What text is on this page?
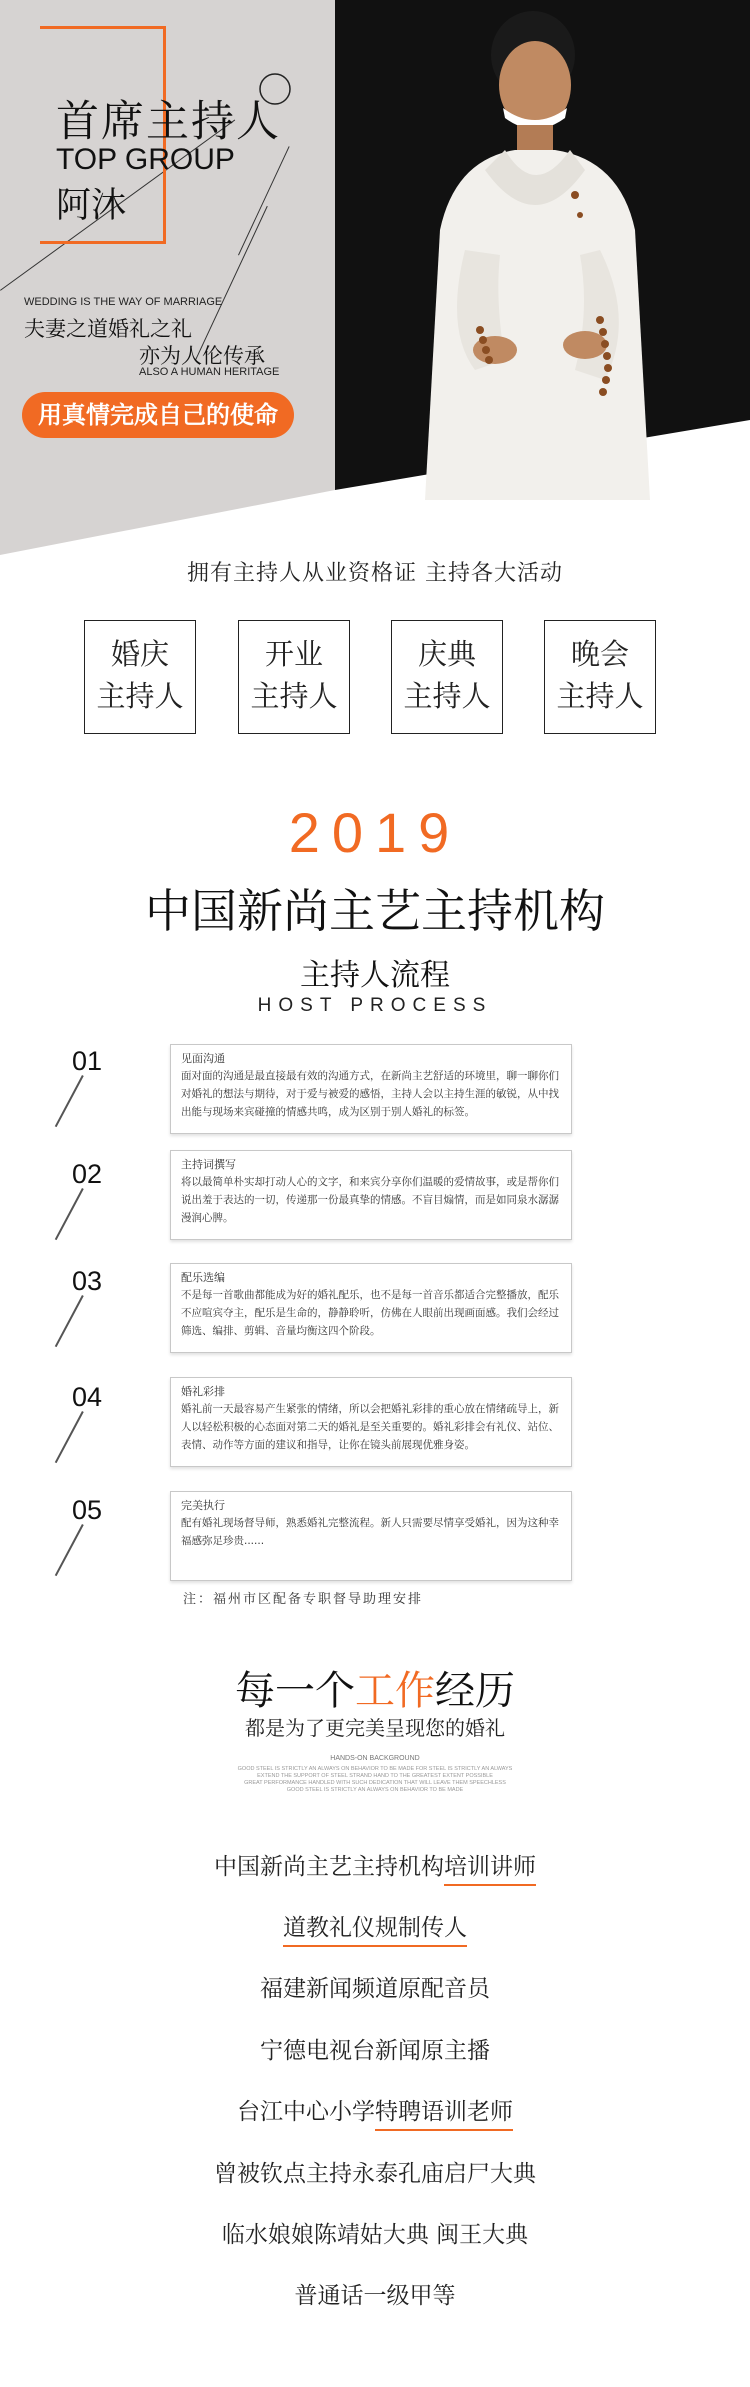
首席主持人
TOP GROUP
阿沐
WEDDING IS THE WAY OF MARRIAGE
夫妻之道婚礼之礼
亦为人伦传承
ALSO A HUMAN HERITAGE
用真情完成自己的使命
拥有主持人从业资格证 主持各大活动
婚庆
主持人
开业
主持人
庆典
主持人
晚会
主持人
2019
中国新尚主艺主持机构
主持人流程
HOST PROCESS
01	见面沟通
面对面的沟通是最直接最有效的沟通方式，在新尚主艺舒适的环境里，聊一聊你们对婚礼的想法与期待，对于爱与被爱的感悟，主持人会以主持生涯的敏锐，从中找出能与现场来宾碰撞的情感共鸣，成为区别于别人婚礼的标签。
02	主持词撰写
将以最简单朴实却打动人心的文字，和来宾分享你们温暖的爱情故事，或是帮你们说出羞于表达的一切，传递那一份最真挚的情感。不盲目煽情，而是如同泉水潺潺漫润心脾。
03	配乐选编
不是每一首歌曲都能成为好的婚礼配乐，也不是每一首音乐都适合完整播放，配乐不应喧宾夺主，配乐是生命的，静静聆听，仿佛在人眼前出现画面感。我们会经过筛选、编排、剪辑、音量均衡这四个阶段。
04	婚礼彩排
婚礼前一天最容易产生紧张的情绪，所以会把婚礼彩排的重心放在情绪疏导上，新人以轻松积极的心态面对第二天的婚礼是至关重要的。婚礼彩排会有礼仪、站位、表情、动作等方面的建议和指导，让你在镜头前展现优雅身姿。
05	完美执行
配有婚礼现场督导师，熟悉婚礼完整流程。新人只需要尽情享受婚礼，因为这种幸福感弥足珍贵......
注：福州市区配备专职督导助理安排
每一个工作经历
都是为了更完美呈现您的婚礼
HANDS-ON BACKGROUND
GOOD STEEL IS STRICTLY AN ALWAYS ON BEHAVIOR TO BE MADE FOR STEEL IS STRICTLY AN ALWAYS
EXTEND THE SUPPORT OF STEEL STRAND HAND TO THE GREATEST EXTENT POSSIBLE
GREAT PERFORMANCE HANDLED WITH SUCH DEDICATION THAT WILL LEAVE THEM SPEECHLESS
GOOD STEEL IS STRICTLY AN ALWAYS ON BEHAVIOR TO BE MADE
中国新尚主艺主持机构培训讲师
道教礼仪规制传人
福建新闻频道原配音员
宁德电视台新闻原主播
台江中心小学特聘语训老师
曾被钦点主持永泰孔庙启尸大典
临水娘娘陈靖姑大典 闽王大典
普通话一级甲等
